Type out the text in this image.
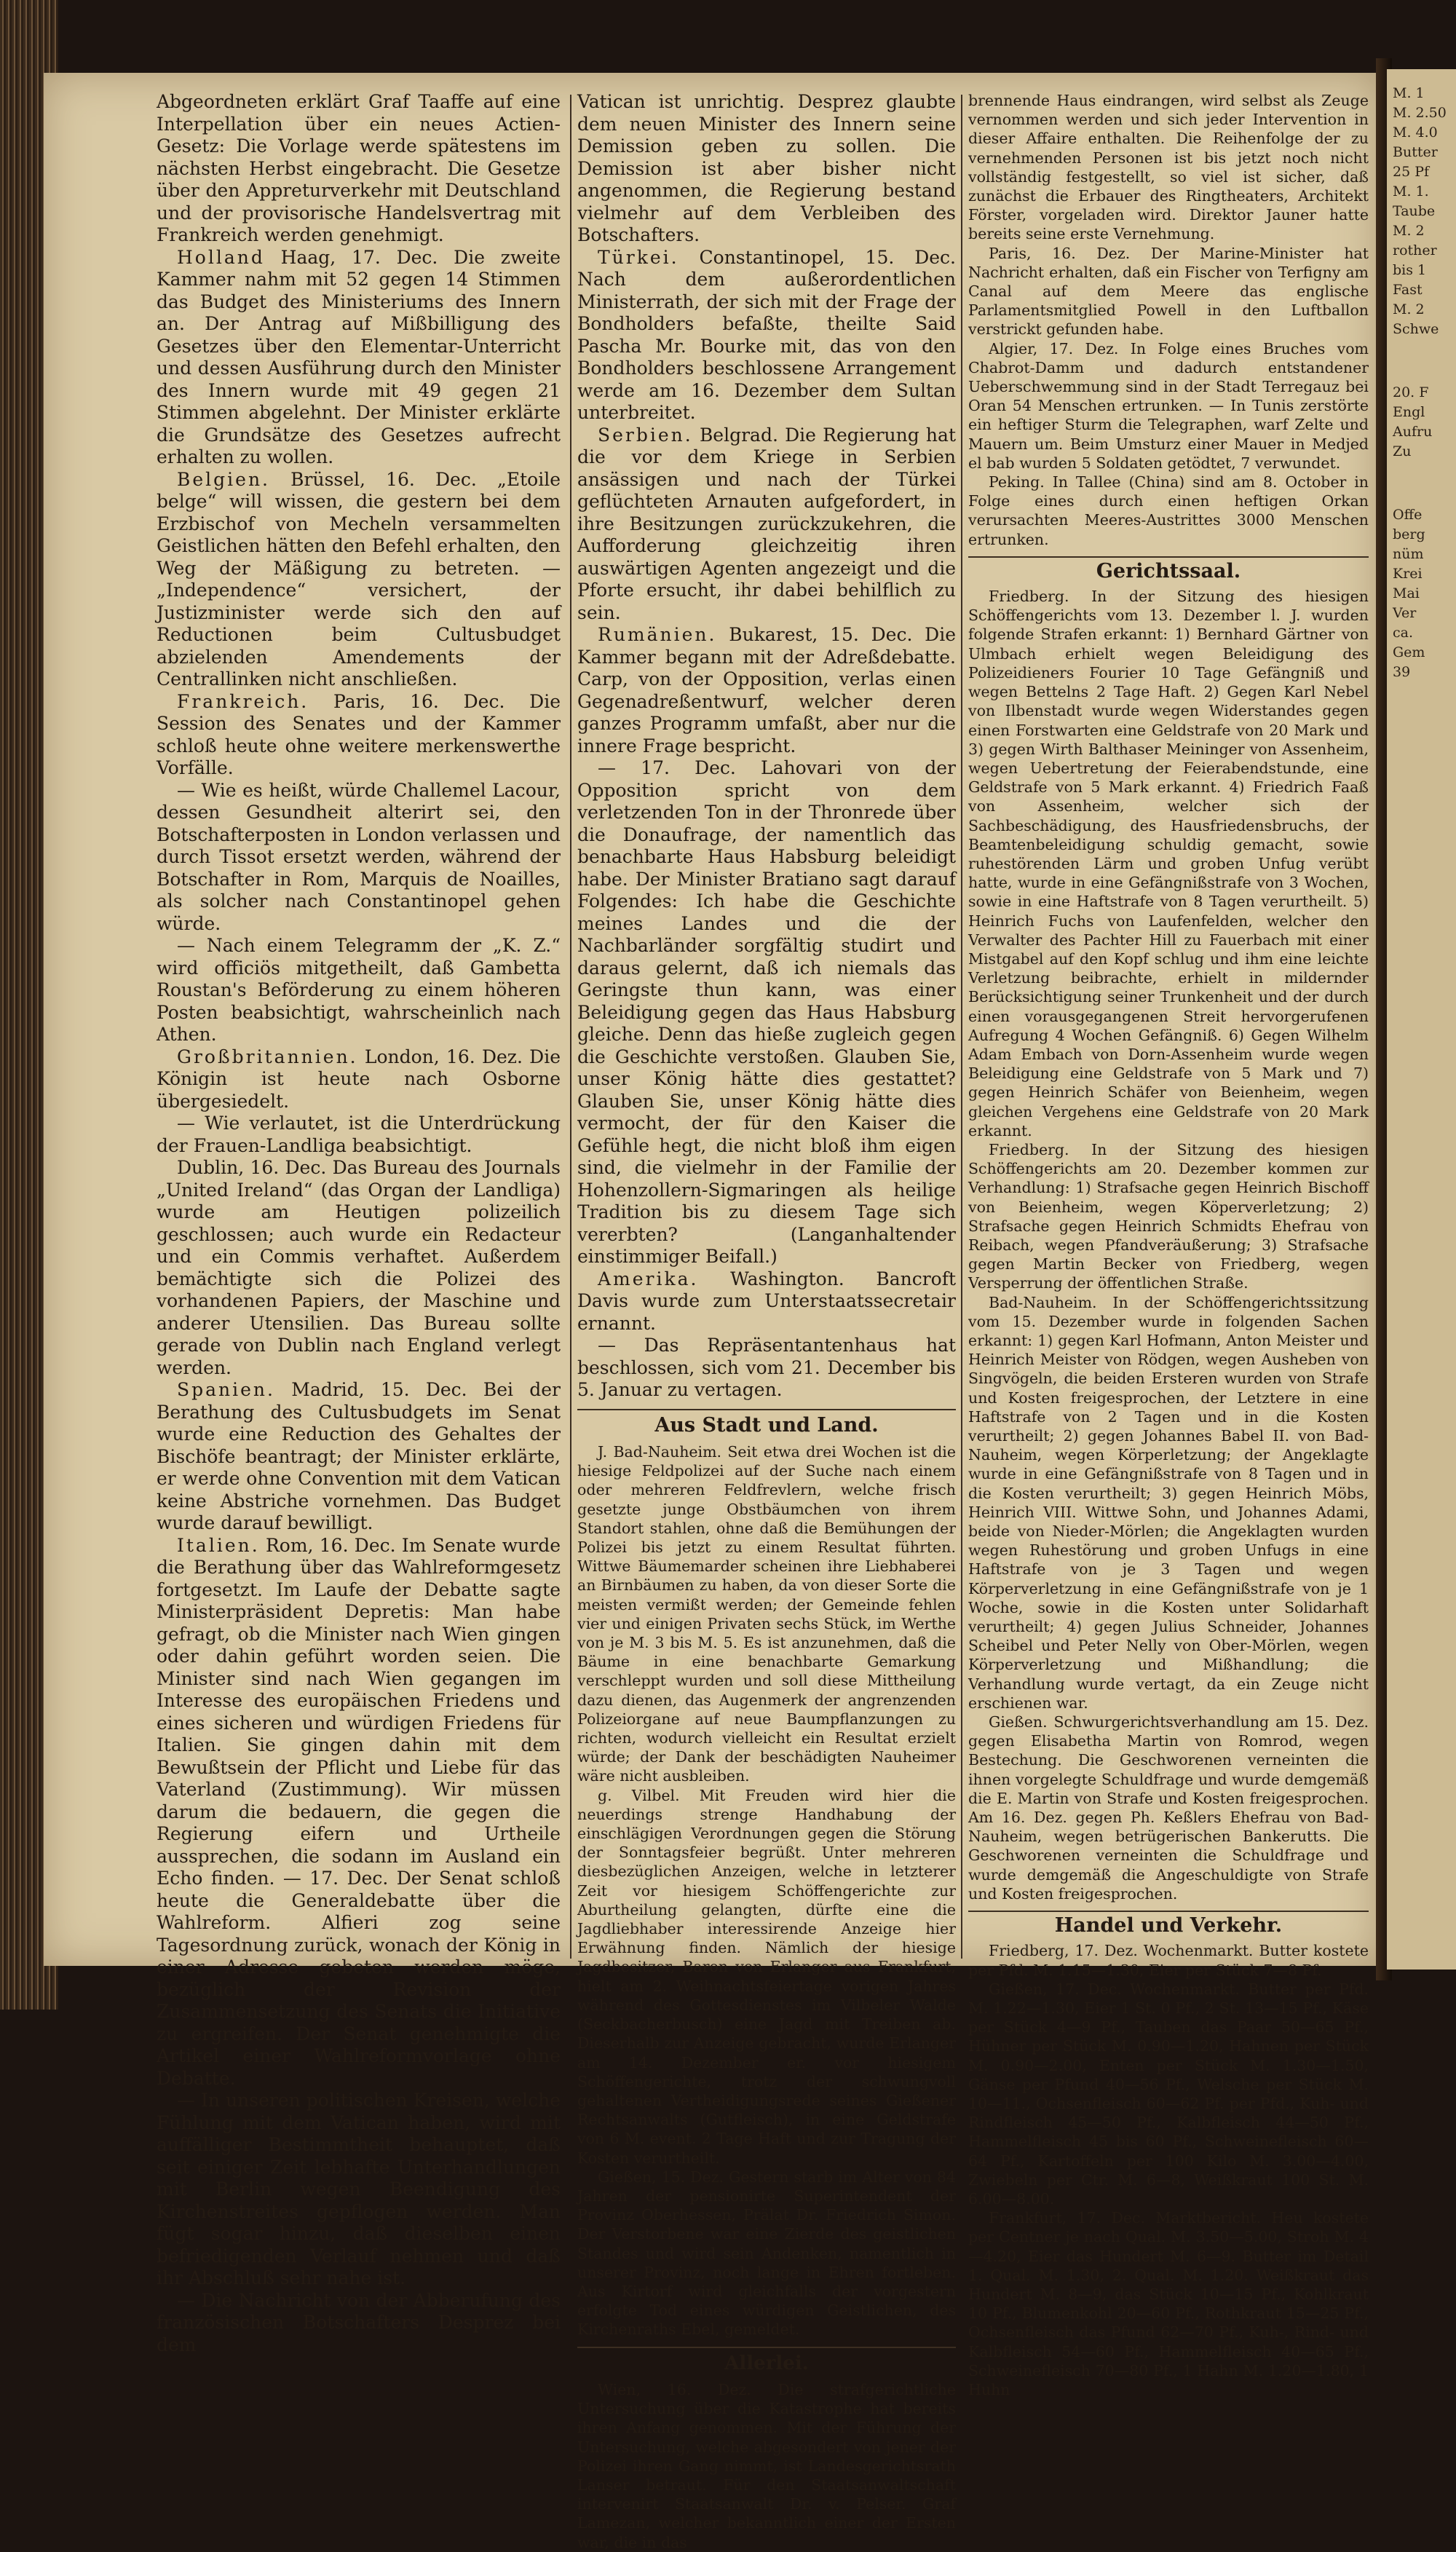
M. 1
M. 2.50
M. 4.0
Butter
25 Pf
M. 1.
Taube
M. 2
rother
bis 1
Fast
M. 2
Schwe
20. F
Engl
Aufru
Zu
Offe
berg
nüm
Krei
Mai
Ver
ca.
Gem
39

Abgeordneten erklärt Graf Taaffe auf eine Interpellation über ein neues Actien-Gesetz: Die Vorlage werde spätestens im nächsten Herbst eingebracht. Die Gesetze über den Appreturverkehr mit Deutschland und der provisorische Handelsvertrag mit Frankreich werden genehmigt.

Holland Haag, 17. Dec. Die zweite Kammer nahm mit 52 gegen 14 Stimmen das Budget des Ministeriums des Innern an. Der Antrag auf Mißbilligung des Gesetzes über den Elementar-Unterricht und dessen Ausführung durch den Minister des Innern wurde mit 49 gegen 21 Stimmen abgelehnt. Der Minister erklärte die Grundsätze des Gesetzes aufrecht erhalten zu wollen.

Belgien. Brüssel, 16. Dec. „Etoile belge“ will wissen, die gestern bei dem Erzbischof von Mecheln versammelten Geistlichen hätten den Befehl erhalten, den Weg der Mäßigung zu betreten. — „Independence“ versichert, der Justizminister werde sich den auf Reductionen beim Cultusbudget abzielenden Amendements der Centrallinken nicht anschließen.

Frankreich. Paris, 16. Dec. Die Session des Senates und der Kammer schloß heute ohne weitere merkenswerthe Vorfälle.

— Wie es heißt, würde Challemel Lacour, dessen Gesundheit alterirt sei, den Botschafterposten in London verlassen und durch Tissot ersetzt werden, während der Botschafter in Rom, Marquis de Noailles, als solcher nach Constantinopel gehen würde.

— Nach einem Telegramm der „K. Z.“ wird officiös mitgetheilt, daß Gambetta Roustan's Beförderung zu einem höheren Posten beabsichtigt, wahrscheinlich nach Athen.

Großbritannien. London, 16. Dez. Die Königin ist heute nach Osborne übergesiedelt.

— Wie verlautet, ist die Unterdrückung der Frauen-Landliga beabsichtigt.

Dublin, 16. Dec. Das Bureau des Journals „United Ireland“ (das Organ der Landliga) wurde am Heutigen polizeilich geschlossen; auch wurde ein Redacteur und ein Commis verhaftet. Außerdem bemächtigte sich die Polizei des vorhandenen Papiers, der Maschine und anderer Utensilien. Das Bureau sollte gerade von Dublin nach England verlegt werden.

Spanien. Madrid, 15. Dec. Bei der Berathung des Cultusbudgets im Senat wurde eine Reduction des Gehaltes der Bischöfe beantragt; der Minister erklärte, er werde ohne Convention mit dem Vatican keine Abstriche vornehmen. Das Budget wurde darauf bewilligt.

Italien. Rom, 16. Dec. Im Senate wurde die Berathung über das Wahlreformgesetz fortgesetzt. Im Laufe der Debatte sagte Ministerpräsident Depretis: Man habe gefragt, ob die Minister nach Wien gingen oder dahin geführt worden seien. Die Minister sind nach Wien gegangen im Interesse des europäischen Friedens und eines sicheren und würdigen Friedens für Italien. Sie gingen dahin mit dem Bewußtsein der Pflicht und Liebe für das Vaterland (Zustimmung). Wir müssen darum die bedauern, die gegen die Regierung eifern und Urtheile aussprechen, die sodann im Ausland ein Echo finden. — 17. Dec. Der Senat schloß heute die Generaldebatte über die Wahlreform. Alfieri zog seine Tagesordnung zurück, wonach der König in einer Adresse gebeten werden möge, bezüglich der Revision der Zusammensetzung des Senats die Initiative zu ergreifen. Der Senat genehmigte die Artikel einer Wahlreformvorlage ohne Debatte.

— In unseren politischen Kreisen, welche Fühlung mit dem Vatican haben, wird mit auffälliger Bestimmtheit behauptet, daß seit einiger Zeit lebhafte Unterhandlungen mit Berlin wegen Beendigung des Kirchenstreites gepflogen werden. Man fügt sogar hinzu, daß dieselben einen befriedigenden Verlauf nehmen und daß ihr Abschluß sehr nahe ist.

— Die Nachricht von der Abberufung des französischen Botschafters Desprez bei dem

Vatican ist unrichtig. Desprez glaubte dem neuen Minister des Innern seine Demission geben zu sollen. Die Demission ist aber bisher nicht angenommen, die Regierung bestand vielmehr auf dem Verbleiben des Botschafters.

Türkei. Constantinopel, 15. Dec. Nach dem außerordentlichen Ministerrath, der sich mit der Frage der Bondholders befaßte, theilte Said Pascha Mr. Bourke mit, das von den Bondholders beschlossene Arrangement werde am 16. Dezember dem Sultan unterbreitet.

Serbien. Belgrad. Die Regierung hat die vor dem Kriege in Serbien ansässigen und nach der Türkei geflüchteten Arnauten aufgefordert, in ihre Besitzungen zurückzukehren, die Aufforderung gleichzeitig ihren auswärtigen Agenten angezeigt und die Pforte ersucht, ihr dabei behilflich zu sein.

Rumänien. Bukarest, 15. Dec. Die Kammer begann mit der Adreßdebatte. Carp, von der Opposition, verlas einen Gegenadreßentwurf, welcher deren ganzes Programm umfaßt, aber nur die innere Frage bespricht.

— 17. Dec. Lahovari von der Opposition spricht von dem verletzenden Ton in der Thronrede über die Donaufrage, der namentlich das benachbarte Haus Habsburg beleidigt habe. Der Minister Bratiano sagt darauf Folgendes: Ich habe die Geschichte meines Landes und die der Nachbarländer sorgfältig studirt und daraus gelernt, daß ich niemals das Geringste thun kann, was einer Beleidigung gegen das Haus Habsburg gleiche. Denn das hieße zugleich gegen die Geschichte verstoßen. Glauben Sie, unser König hätte dies gestattet? Glauben Sie, unser König hätte dies vermocht, der für den Kaiser die Gefühle hegt, die nicht bloß ihm eigen sind, die vielmehr in der Familie der Hohenzollern-Sigmaringen als heilige Tradition bis zu diesem Tage sich vererbten? (Langanhaltender einstimmiger Beifall.)

Amerika. Washington. Bancroft Davis wurde zum Unterstaatssecretair ernannt.

— Das Repräsentantenhaus hat beschlossen, sich vom 21. December bis 5. Januar zu vertagen.

Aus Stadt und Land.

J. Bad-Nauheim. Seit etwa drei Wochen ist die hiesige Feldpolizei auf der Suche nach einem oder mehreren Feldfrevlern, welche frisch gesetzte junge Obstbäumchen von ihrem Standort stahlen, ohne daß die Bemühungen der Polizei bis jetzt zu einem Resultat führten. Wittwe Bäumemarder scheinen ihre Liebhaberei an Birnbäumen zu haben, da von dieser Sorte die meisten vermißt werden; der Gemeinde fehlen vier und einigen Privaten sechs Stück, im Werthe von je M. 3 bis M. 5. Es ist anzunehmen, daß die Bäume in eine benachbarte Gemarkung verschleppt wurden und soll diese Mittheilung dazu dienen, das Augenmerk der angrenzenden Polizeiorgane auf neue Baumpflanzungen zu richten, wodurch vielleicht ein Resultat erzielt würde; der Dank der beschädigten Nauheimer wäre nicht ausbleiben.

g. Vilbel. Mit Freuden wird hier die neuerdings strenge Handhabung der einschlägigen Verordnungen gegen die Störung der Sonntagsfeier begrüßt. Unter mehreren diesbezüglichen Anzeigen, welche in letzterer Zeit vor hiesigem Schöffengerichte zur Aburtheilung gelangten, dürfte eine die Jagdliebhaber interessirende Anzeige hier Erwähnung finden. Nämlich der hiesige Jagdbesitzer, Baron von Erlanger aus Frankfurt, hielt am 2. Weihnachtsfeiertage vorigen Jahres während des Gottesdienstes im Vilbeler Walde (Seckbacherbusch) eine Jagd mit Treiben ab. Dieserhalb zur Anzeige gebracht, wurde Erlanger am 14. Dezember er. vor hiesigem Schöffengerichte, trotz der schwungvoll gehaltenen Vertheidigungsrede seines Gießener Rechtsanwalts (Gutfleisch), in eine Geldstrafe von 6 M. event. 2 Tage Haft und zur Tragung der Kosten verurtheilt.

Gießen, 15. Dez. Gestern starb im Alter von 84 Jahren der pensionirte Superintendent der Provinz Oberhessen, Prälat Dr. Friedrich Simon. Der Verstorbene war eine Zierde des geistlichen Standes und wird sein Andenken, namentlich in unserer Provinz, noch lange in Ehren fortleben. Aus Kirtorf wird gleichfalls der vorgestern erfolgte Tod eines würdigen Geistlichen, des Kirchenraths Ebel, gemeldet.

Allerlei.

Wien, 16. Dez. Die strafgerichtliche Untersuchung über die Katastrophe hat bereits ihren Anfang genommen. Mit der Führung der Untersuchung, welche abgesondert von jener der Polizei ihren Gang nimmt, ist Landesgerichtsrath Lanser betraut. Für den Staatsanwaltschaft intervenirt Staatsanwalt Dr. v. Pelser. Graf Lamezan, welcher bekanntlich einer der Ersten war, die in das

brennende Haus eindrangen, wird selbst als Zeuge vernommen werden und sich jeder Intervention in dieser Affaire enthalten. Die Reihenfolge der zu vernehmenden Personen ist bis jetzt noch nicht vollständig festgestellt, so viel ist sicher, daß zunächst die Erbauer des Ringtheaters, Architekt Förster, vorgeladen wird. Direktor Jauner hatte bereits seine erste Vernehmung.

Paris, 16. Dez. Der Marine-Minister hat Nachricht erhalten, daß ein Fischer von Terfigny am Canal auf dem Meere das englische Parlamentsmitglied Powell in den Luftballon verstrickt gefunden habe.

Algier, 17. Dez. In Folge eines Bruches vom Chabrot-Damm und dadurch entstandener Ueberschwemmung sind in der Stadt Terregauz bei Oran 54 Menschen ertrunken. — In Tunis zerstörte ein heftiger Sturm die Telegraphen, warf Zelte und Mauern um. Beim Umsturz einer Mauer in Medjed el bab wurden 5 Soldaten getödtet, 7 verwundet.

Peking. In Tallee (China) sind am 8. October in Folge eines durch einen heftigen Orkan verursachten Meeres-Austrittes 3000 Menschen ertrunken.

Gerichtssaal.

Friedberg. In der Sitzung des hiesigen Schöffengerichts vom 13. Dezember l. J. wurden folgende Strafen erkannt: 1) Bernhard Gärtner von Ulmbach erhielt wegen Beleidigung des Polizeidieners Fourier 10 Tage Gefängniß und wegen Bettelns 2 Tage Haft. 2) Gegen Karl Nebel von Ilbenstadt wurde wegen Widerstandes gegen einen Forstwarten eine Geldstrafe von 20 Mark und 3) gegen Wirth Balthaser Meininger von Assenheim, wegen Uebertretung der Feierabendstunde, eine Geldstrafe von 5 Mark erkannt. 4) Friedrich Faaß von Assenheim, welcher sich der Sachbeschädigung, des Hausfriedensbruchs, der Beamtenbeleidigung schuldig gemacht, sowie ruhestörenden Lärm und groben Unfug verübt hatte, wurde in eine Gefängnißstrafe von 3 Wochen, sowie in eine Haftstrafe von 8 Tagen verurtheilt. 5) Heinrich Fuchs von Laufenfelden, welcher den Verwalter des Pachter Hill zu Fauerbach mit einer Mistgabel auf den Kopf schlug und ihm eine leichte Verletzung beibrachte, erhielt in mildernder Berücksichtigung seiner Trunkenheit und der durch einen vorausgegangenen Streit hervorgerufenen Aufregung 4 Wochen Gefängniß. 6) Gegen Wilhelm Adam Embach von Dorn-Assenheim wurde wegen Beleidigung eine Geldstrafe von 5 Mark und 7) gegen Heinrich Schäfer von Beienheim, wegen gleichen Vergehens eine Geldstrafe von 20 Mark erkannt.

Friedberg. In der Sitzung des hiesigen Schöffengerichts am 20. Dezember kommen zur Verhandlung: 1) Strafsache gegen Heinrich Bischoff von Beienheim, wegen Köperverletzung; 2) Strafsache gegen Heinrich Schmidts Ehefrau von Reibach, wegen Pfandveräußerung; 3) Strafsache gegen Martin Becker von Friedberg, wegen Versperrung der öffentlichen Straße.

Bad-Nauheim. In der Schöffengerichtssitzung vom 15. Dezember wurde in folgenden Sachen erkannt: 1) gegen Karl Hofmann, Anton Meister und Heinrich Meister von Rödgen, wegen Ausheben von Singvögeln, die beiden Ersteren wurden von Strafe und Kosten freigesprochen, der Letztere in eine Haftstrafe von 2 Tagen und in die Kosten verurtheilt; 2) gegen Johannes Babel II. von Bad-Nauheim, wegen Körperletzung; der Angeklagte wurde in eine Gefängnißstrafe von 8 Tagen und in die Kosten verurtheilt; 3) gegen Heinrich Möbs, Heinrich VIII. Wittwe Sohn, und Johannes Adami, beide von Nieder-Mörlen; die Angeklagten wurden wegen Ruhestörung und groben Unfugs in eine Haftstrafe von je 3 Tagen und wegen Körperverletzung in eine Gefängnißstrafe von je 1 Woche, sowie in die Kosten unter Solidarhaft verurtheilt; 4) gegen Julius Schneider, Johannes Scheibel und Peter Nelly von Ober-Mörlen, wegen Körperverletzung und Mißhandlung; die Verhandlung wurde vertagt, da ein Zeuge nicht erschienen war.

Gießen. Schwurgerichtsverhandlung am 15. Dez. gegen Elisabetha Martin von Romrod, wegen Bestechung. Die Geschworenen verneinten die ihnen vorgelegte Schuldfrage und wurde demgemäß die E. Martin von Strafe und Kosten freigesprochen. Am 16. Dez. gegen Ph. Keßlers Ehefrau von Bad-Nauheim, wegen betrügerischen Bankerutts. Die Geschworenen verneinten die Schuldfrage und wurde demgemäß die Angeschuldigte von Strafe und Kosten freigesprochen.

Handel und Verkehr.

Friedberg, 17. Dez. Wochenmarkt. Butter kostete per Pfd. M. 1.15—1.30, Eier per Stück 7—8 Pf.

Gießen, 17. Dec. Wochenmarkt. Butter per Pfd. M. 1.22—1.30, Eier 1 St. 0 Pf., 2 St. 13—15 Pf., Käse per Stück 4—9 Pf., Tauben das Paar 50—65 Pf., Hühner per Stück M. 0.90—1.20, Hahnen per Stück M. 0.90—2.00, Enten per Stück M. 1.30—1.50, Gänse per Pfund 40—56 Pf., Welsche per Stück M. 10—11., Ochsenfleisch 60—62 Pf. per Pfd., Kuh- und Rindfleisch 45—50 Pf., Kalbfleisch 44—50 Pf., Hammelfleisch 45 bis 60 Pf., Schweinefleisch 60—64 Pf., Kartoffeln per 100 Kilo M. 3.00—4.00, Zwiebeln per Ctr. M. 6—8, Weißkraut 100 St. M. 6.00—8.00.

Frankfurt, 17. Dec. Marktbericht. Heu kostete per Centner je nach Qual. M. 3.50—5.00, Stroh M. 4—4.20, Eier das Hundert M. 6—9. Butter im Detail 1. Qual. M. 1.30, 2. Qual. M. 1.20. Weißkraut das Hundert M. 8—9, das Stück 10—15 Pf., Kohlkraut 10 Pf., Blumenkohl 20—60 Pf., Rothkraut 15—25 Pf., Ochsenfleisch das Pfund 62—70 Pf., Kuh-, Rind- und Kalbfleisch 54—60 Pf., Hammelfleisch 40—65 Pf., Schweinefleisch 70—80 Pf., 1 Hahn M. 1.20—1.80, 1 Huhn
